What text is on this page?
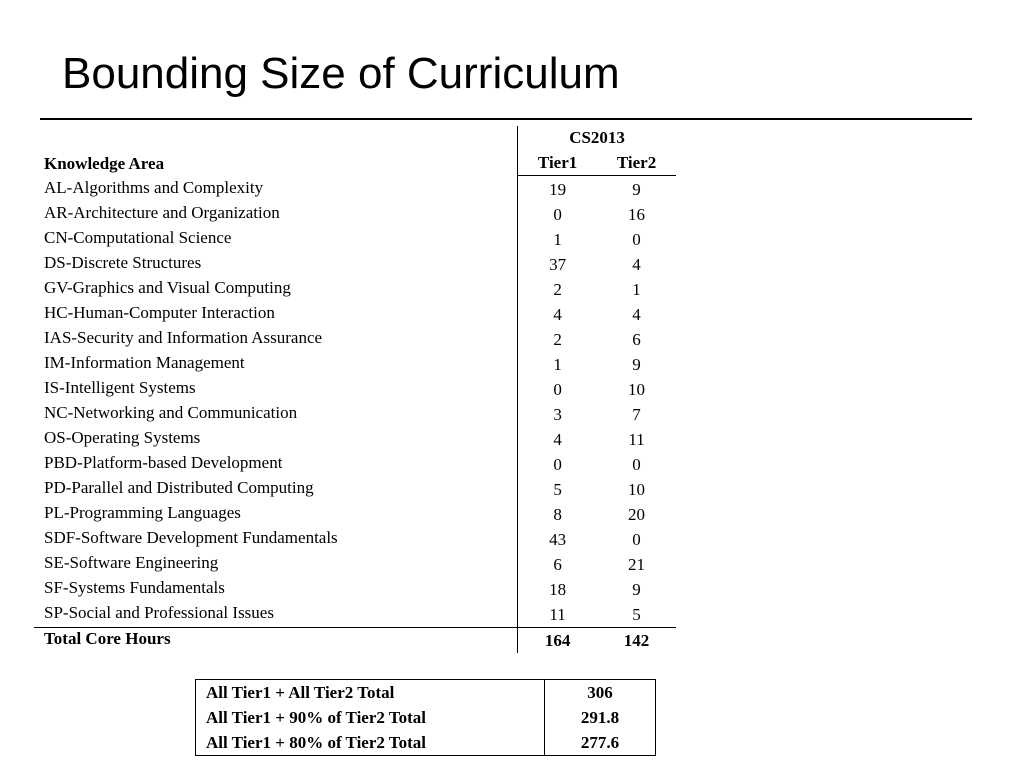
Bounding Size of Curriculum
Knowledge Area	CS2013	
	Tier1	Tier2
AL-Algorithms and Complexity	19	9
AR-Architecture and Organization	0	16
CN-Computational Science	1	0
DS-Discrete Structures	37	4
GV-Graphics and Visual Computing	2	1
HC-Human-Computer Interaction	4	4
IAS-Security and Information Assurance	2	6
IM-Information Management	1	9
IS-Intelligent Systems	0	10
NC-Networking and Communication	3	7
OS-Operating Systems	4	11
PBD-Platform-based Development	0	0
PD-Parallel and Distributed Computing	5	10
PL-Programming Languages	8	20
SDF-Software Development Fundamentals	43	0
SE-Software Engineering	6	21
SF-Systems Fundamentals	18	9
SP-Social and Professional Issues	11	5
Total Core Hours	164	142
All Tier1 + All Tier2 Total	306
All Tier1 + 90% of Tier2 Total	291.8
All Tier1 + 80% of Tier2 Total	277.6
